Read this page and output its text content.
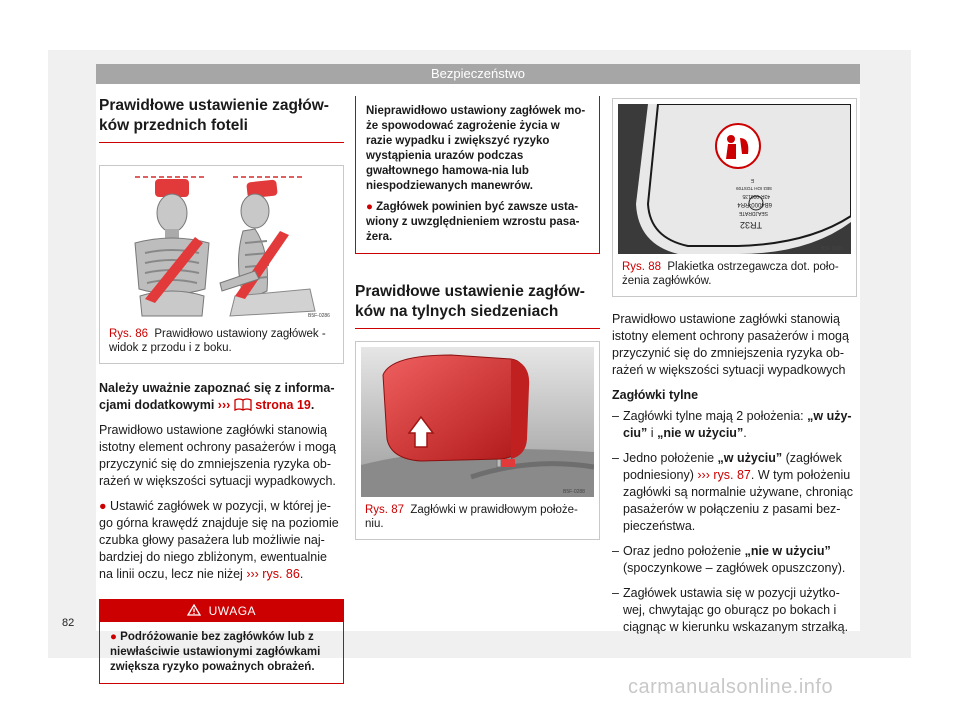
Bezpieczeństwo
Prawidłowe ustawienie zagłów-
ków przednich foteli
B5F-0286
Rys. 86 Prawidłowo ustawiony zagłówek - widok z przodu i z boku.

Należy uważnie zapoznać się z informa-cjami dodatkowymi ››› strona 19.

Prawidłowo ustawione zagłówki stanowią istotny element ochrony pasażerów i mogą przyczynić się do zmniejszenia ryzyka ob-rażeń w większości sytuacji wypadkowych.

● Ustawić zagłówek w pozycji, w której je-go górna krawędź znajduje się na poziomie czubka głowy pasażera lub możliwie naj-bardziej do niego zbliżonym, ewentualnie na linii oczu, lecz nie niżej ››› rys. 86.

UWAGA

● Podróżowanie bez zagłówków lub z niewłaściwie ustawionymi zagłówkami zwiększa ryzyko poważnych obrażeń.

Nieprawidłowo ustawiony zagłówek mo-że spowodować zagrożenie życia w razie wypadku i zwiększyć ryzyko wystąpienia urazów podczas gwałtownego hamowa-nia lub niespodziewanych manewrów.

● Zagłówek powinien być zawsze usta-wiony z uwzględnieniem wzrostu pasa-żera.

Prawidłowe ustawienie zagłów-
ków na tylnych siedzeniach
B5F-0288
Rys. 87 Zagłówki w prawidłowym położe-niu.
TR32
SEAJDRATE
6B4000-RR4
43R-000135
SB3 IOH TOST09
E
B5F-0289
Rys. 88 Plakietka ostrzegawcza dot. poło-żenia zagłówków.

Prawidłowo ustawione zagłówki stanowią istotny element ochrony pasażerów i mogą przyczynić się do zmniejszenia ryzyka ob-rażeń w większości sytuacji wypadkowych

Zagłówki tylne

– Zagłówki tylne mają 2 położenia: „w uży-ciu” i „nie w użyciu”.
– Jedno położenie „w użyciu” (zagłówek podniesiony) ››› rys. 87. W tym położeniu zagłówki są normalnie używane, chroniąc pasażerów w połączeniu z pasami bez-pieczeństwa.
– Oraz jedno położenie „nie w użyciu” (spoczynkowe – zagłówek opuszczony).
– Zagłówek ustawia się w pozycji użytko-wej, chwytając go oburącz po bokach i ciągnąc w kierunku wskazanym strzałką.
82
carmanualsonline.info
